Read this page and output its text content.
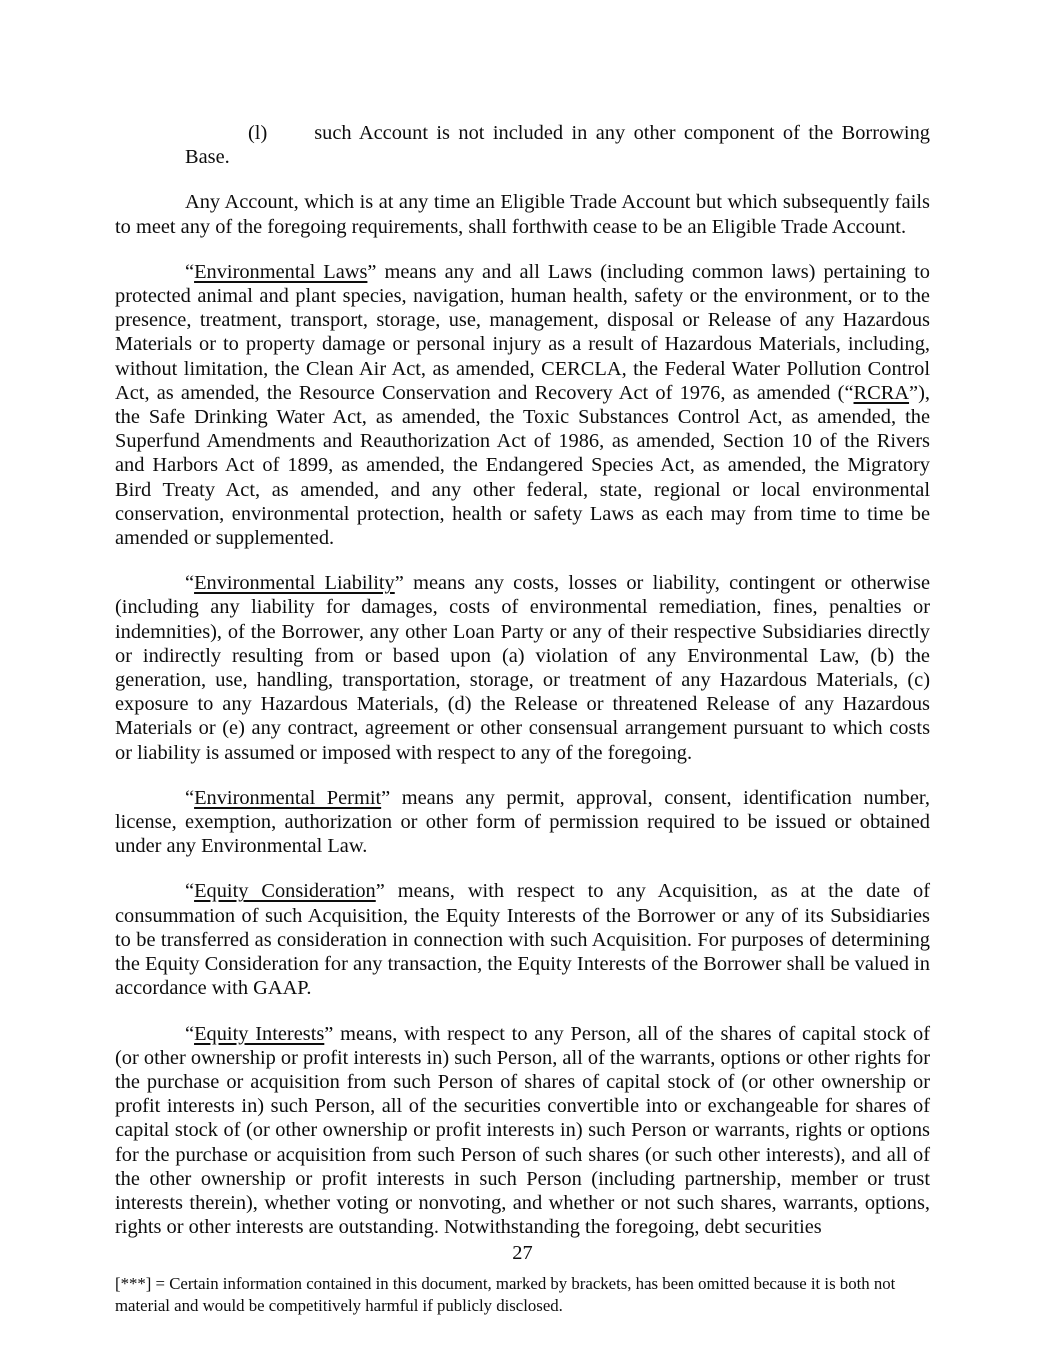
(l) such Account is not included in any other component of the Borrowing Base.

Any Account, which is at any time an Eligible Trade Account but which subsequently fails to meet any of the foregoing requirements, shall forthwith cease to be an Eligible Trade Account.

“Environmental Laws” means any and all Laws (including common laws) pertaining to protected animal and plant species, navigation, human health, safety or the environment, or to the presence, treatment, transport, storage, use, management, disposal or Release of any Hazardous Materials or to property damage or personal injury as a result of Hazardous Materials, including, without limitation, the Clean Air Act, as amended, CERCLA, the Federal Water Pollution Control Act, as amended, the Resource Conservation and Recovery Act of 1976, as amended (“RCRA”), the Safe Drinking Water Act, as amended, the Toxic Substances Control Act, as amended, the Superfund Amendments and Reauthorization Act of 1986, as amended, Section 10 of the Rivers and Harbors Act of 1899, as amended, the Endangered Species Act, as amended, the Migratory Bird Treaty Act, as amended, and any other federal, state, regional or local environmental conservation, environmental protection, health or safety Laws as each may from time to time be amended or supplemented.

“Environmental Liability” means any costs, losses or liability, contingent or otherwise (including any liability for damages, costs of environmental remediation, fines, penalties or indemnities), of the Borrower, any other Loan Party or any of their respective Subsidiaries directly or indirectly resulting from or based upon (a) violation of any Environmental Law, (b) the generation, use, handling, transportation, storage, or treatment of any Hazardous Materials, (c) exposure to any Hazardous Materials, (d) the Release or threatened Release of any Hazardous Materials or (e) any contract, agreement or other consensual arrangement pursuant to which costs or liability is assumed or imposed with respect to any of the foregoing.

“Environmental Permit” means any permit, approval, consent, identification number, license, exemption, authorization or other form of permission required to be issued or obtained under any Environmental Law.

“Equity Consideration” means, with respect to any Acquisition, as at the date of consummation of such Acquisition, the Equity Interests of the Borrower or any of its Subsidiaries to be transferred as consideration in connection with such Acquisition. For purposes of determining the Equity Consideration for any transaction, the Equity Interests of the Borrower shall be valued in accordance with GAAP.

“Equity Interests” means, with respect to any Person, all of the shares of capital stock of (or other ownership or profit interests in) such Person, all of the warrants, options or other rights for the purchase or acquisition from such Person of shares of capital stock of (or other ownership or profit interests in) such Person, all of the securities convertible into or exchangeable for shares of capital stock of (or other ownership or profit interests in) such Person or warrants, rights or options for the purchase or acquisition from such Person of such shares (or such other interests), and all of the other ownership or profit interests in such Person (including partnership, member or trust interests therein), whether voting or nonvoting, and whether or not such shares, warrants, options, rights or other interests are outstanding. Notwithstanding the foregoing, debt securities

27

[***] = Certain information contained in this document, marked by brackets, has been omitted because it is both not material and would be competitively harmful if publicly disclosed.
